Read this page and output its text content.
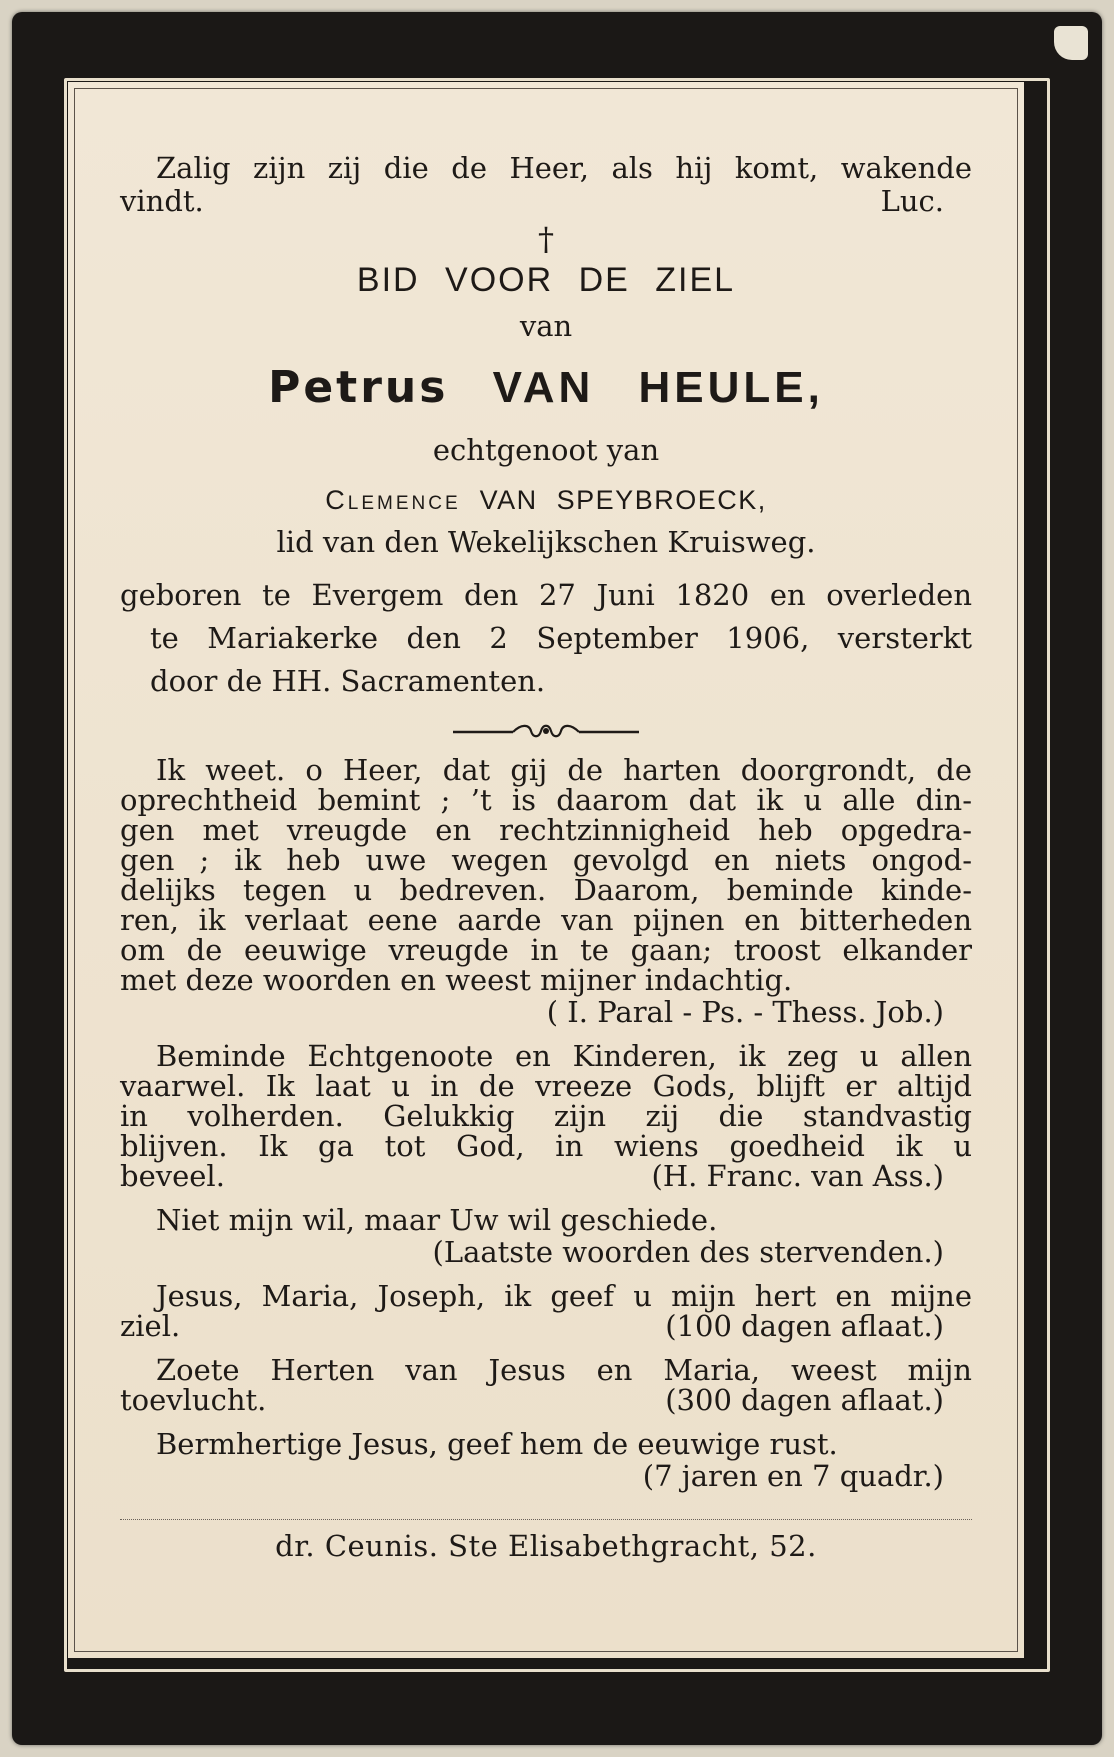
Zalig zijn zij die de Heer, als hij komt, wakende

vindt.	Luc.

†

BID VOOR DE ZIEL

van

Petrus VAN HEULE,

echtgenoot yan

Clemence VAN SPEYBROECK,

lid van den Wekelijkschen Kruisweg.

geboren te Evergem den 27 Juni 1820 en overleden

te Mariakerke den 2 September 1906, versterkt

door de HH. Sacramenten.

Ik weet. o Heer, dat gij de harten doorgrondt, de

oprechtheid bemint ; ’t is daarom dat ik u alle din-

gen met vreugde en rechtzinnigheid heb opgedra-

gen ; ik heb uwe wegen gevolgd en niets ongod-

delijks tegen u bedreven. Daarom, beminde kinde-

ren, ik verlaat eene aarde van pijnen en bitterheden

om de eeuwige vreugde in te gaan; troost elkander

met deze woorden en weest mijner indachtig.

( I. Paral - Ps. - Thess. Job.)

Beminde Echtgenoote en Kinderen, ik zeg u allen

vaarwel. Ik laat u in de vreeze Gods, blijft er altijd

in volherden. Gelukkig zijn zij die standvastig

blijven. Ik ga tot God, in wiens goedheid ik u

beveel.	(H. Franc. van Ass.)

Niet mijn wil, maar Uw wil geschiede.

(Laatste woorden des stervenden.)

Jesus, Maria, Joseph, ik geef u mijn hert en mijne

ziel.	(100 dagen aflaat.)

Zoete Herten van Jesus en Maria, weest mijn

toevlucht.	(300 dagen aflaat.)

Bermhertige Jesus, geef hem de eeuwige rust.

(7 jaren en 7 quadr.)

dr. Ceunis. Ste Elisabethgracht, 52.
